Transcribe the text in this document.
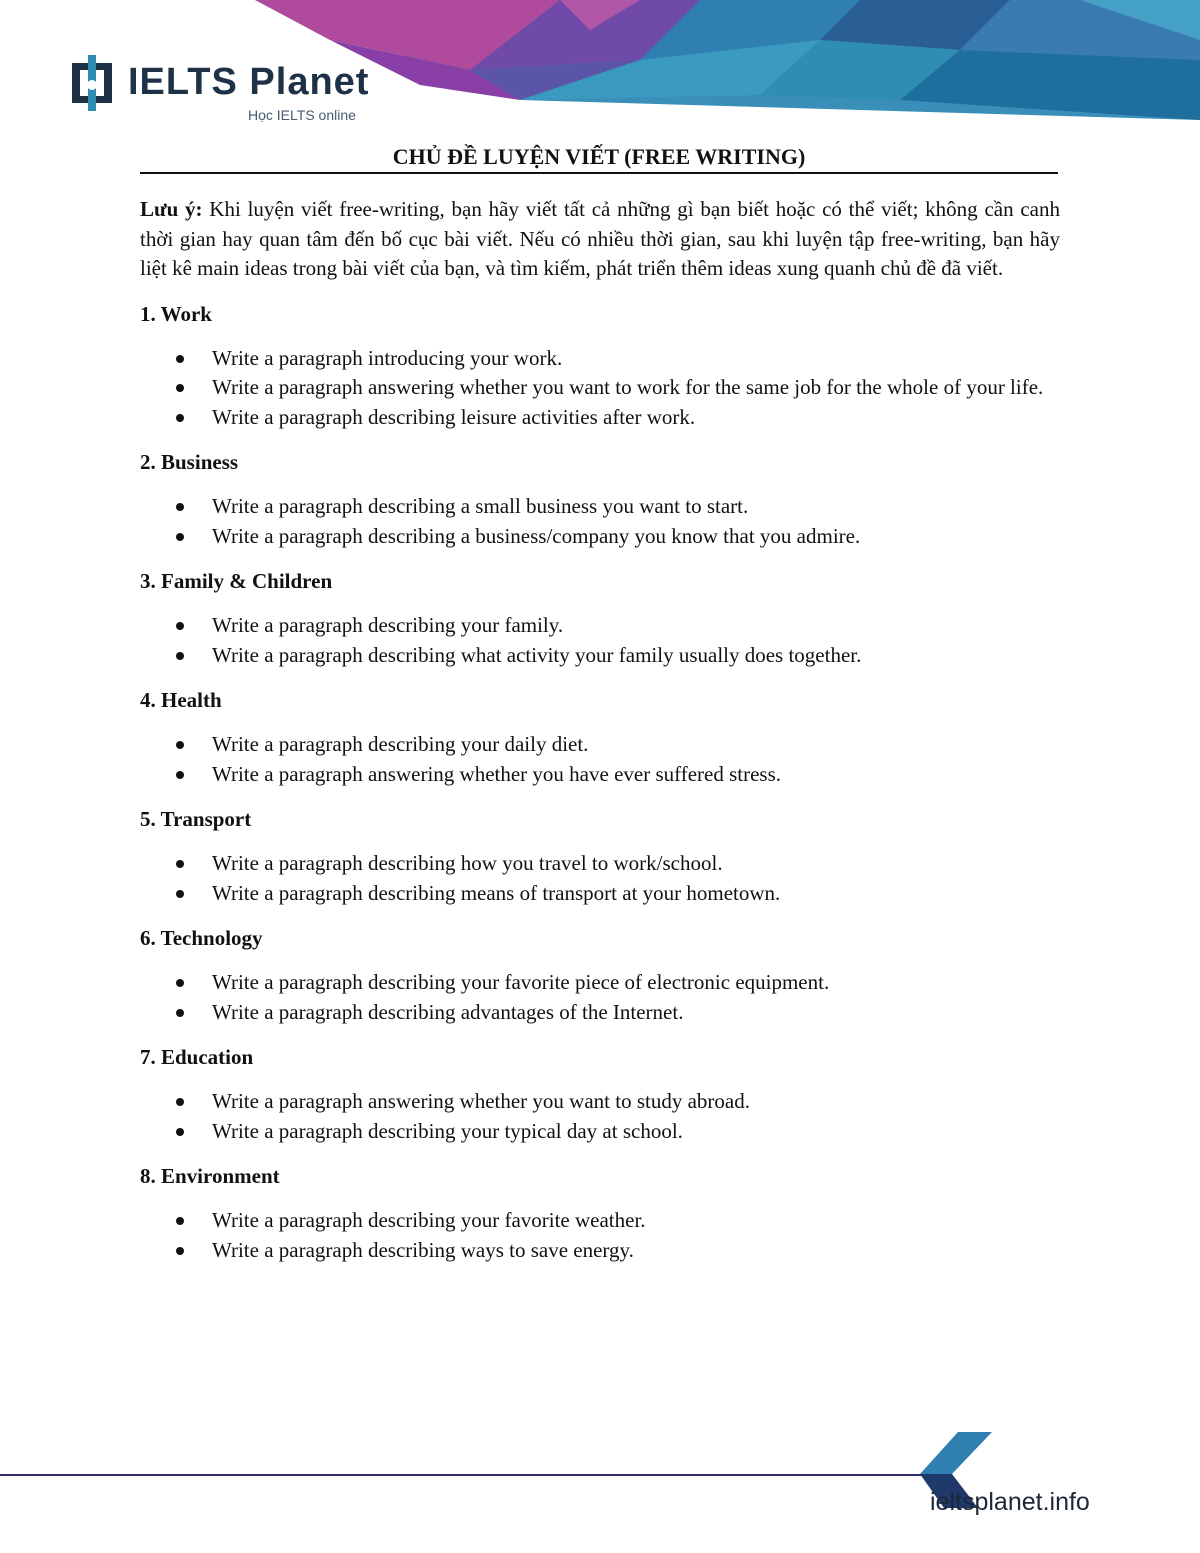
IELTS Planet
Học IELTS online
CHỦ ĐỀ LUYỆN VIẾT (FREE WRITING)

Lưu ý: Khi luyện viết free-writing, bạn hãy viết tất cả những gì bạn biết hoặc có thể viết; không cần canh thời gian hay quan tâm đến bố cục bài viết. Nếu có nhiều thời gian, sau khi luyện tập free-writing, bạn hãy liệt kê main ideas trong bài viết của bạn, và tìm kiếm, phát triển thêm ideas xung quanh chủ đề đã viết.

1. Work
Write a paragraph introducing your work.
Write a paragraph answering whether you want to work for the same job for the whole of your life.
Write a paragraph describing leisure activities after work.
2. Business
Write a paragraph describing a small business you want to start.
Write a paragraph describing a business/company you know that you admire.
3. Family & Children
Write a paragraph describing your family.
Write a paragraph describing what activity your family usually does together.
4. Health
Write a paragraph describing your daily diet.
Write a paragraph answering whether you have ever suffered stress.
5. Transport
Write a paragraph describing how you travel to work/school.
Write a paragraph describing means of transport at your hometown.
6. Technology
Write a paragraph describing your favorite piece of electronic equipment.
Write a paragraph describing advantages of the Internet.
7. Education
Write a paragraph answering whether you want to study abroad.
Write a paragraph describing your typical day at school.
8. Environment
Write a paragraph describing your favorite weather.
Write a paragraph describing ways to save energy.
ieltsplanet.info
